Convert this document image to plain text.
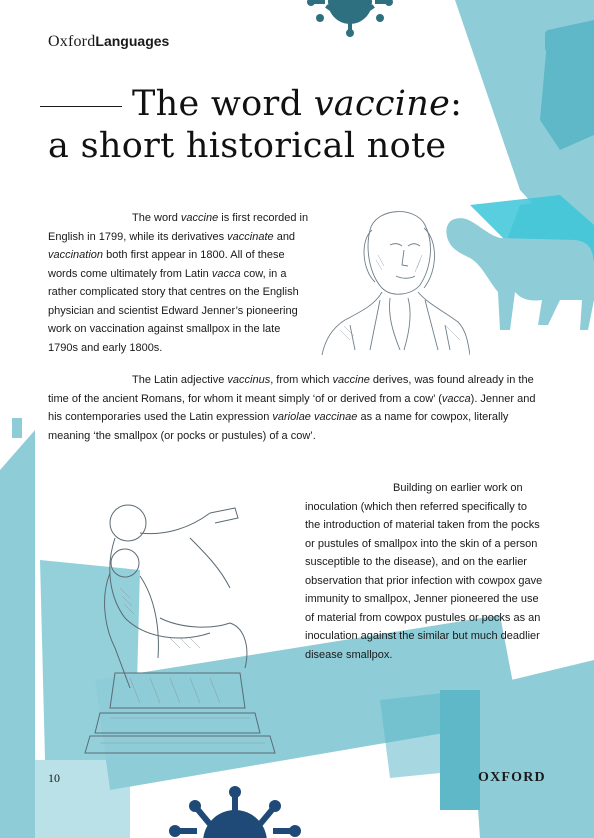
OxfordLanguages
The word vaccine:
a short historical note
The word vaccine is first recorded in English in 1799, while its derivatives vaccinate and vaccination both first appear in 1800. All of these words come ultimately from Latin vacca cow, in a rather complicated story that centres on the English physician and scientist Edward Jenner’s pioneering work on vaccination against smallpox in the late 1790s and early 1800s.
The Latin adjective vaccinus, from which vaccine derives, was found already in the time of the ancient Romans, for whom it meant simply ‘of or derived from a cow’ (vacca). Jenner and his contemporaries used the Latin expression variolae vaccinae as a name for cowpox, literally meaning ‘the smallpox (or pocks or pustules) of a cow’.
Building on earlier work on inoculation (which then referred specifically to the introduction of material taken from the pocks or pustules of smallpox into the skin of a person susceptible to the disease), and on the earlier observation that prior infection with cowpox gave immunity to smallpox, Jenner pioneered the use of material from cowpox pustules or pocks as an inoculation against the similar but much deadlier disease smallpox.
10	OXFORD
